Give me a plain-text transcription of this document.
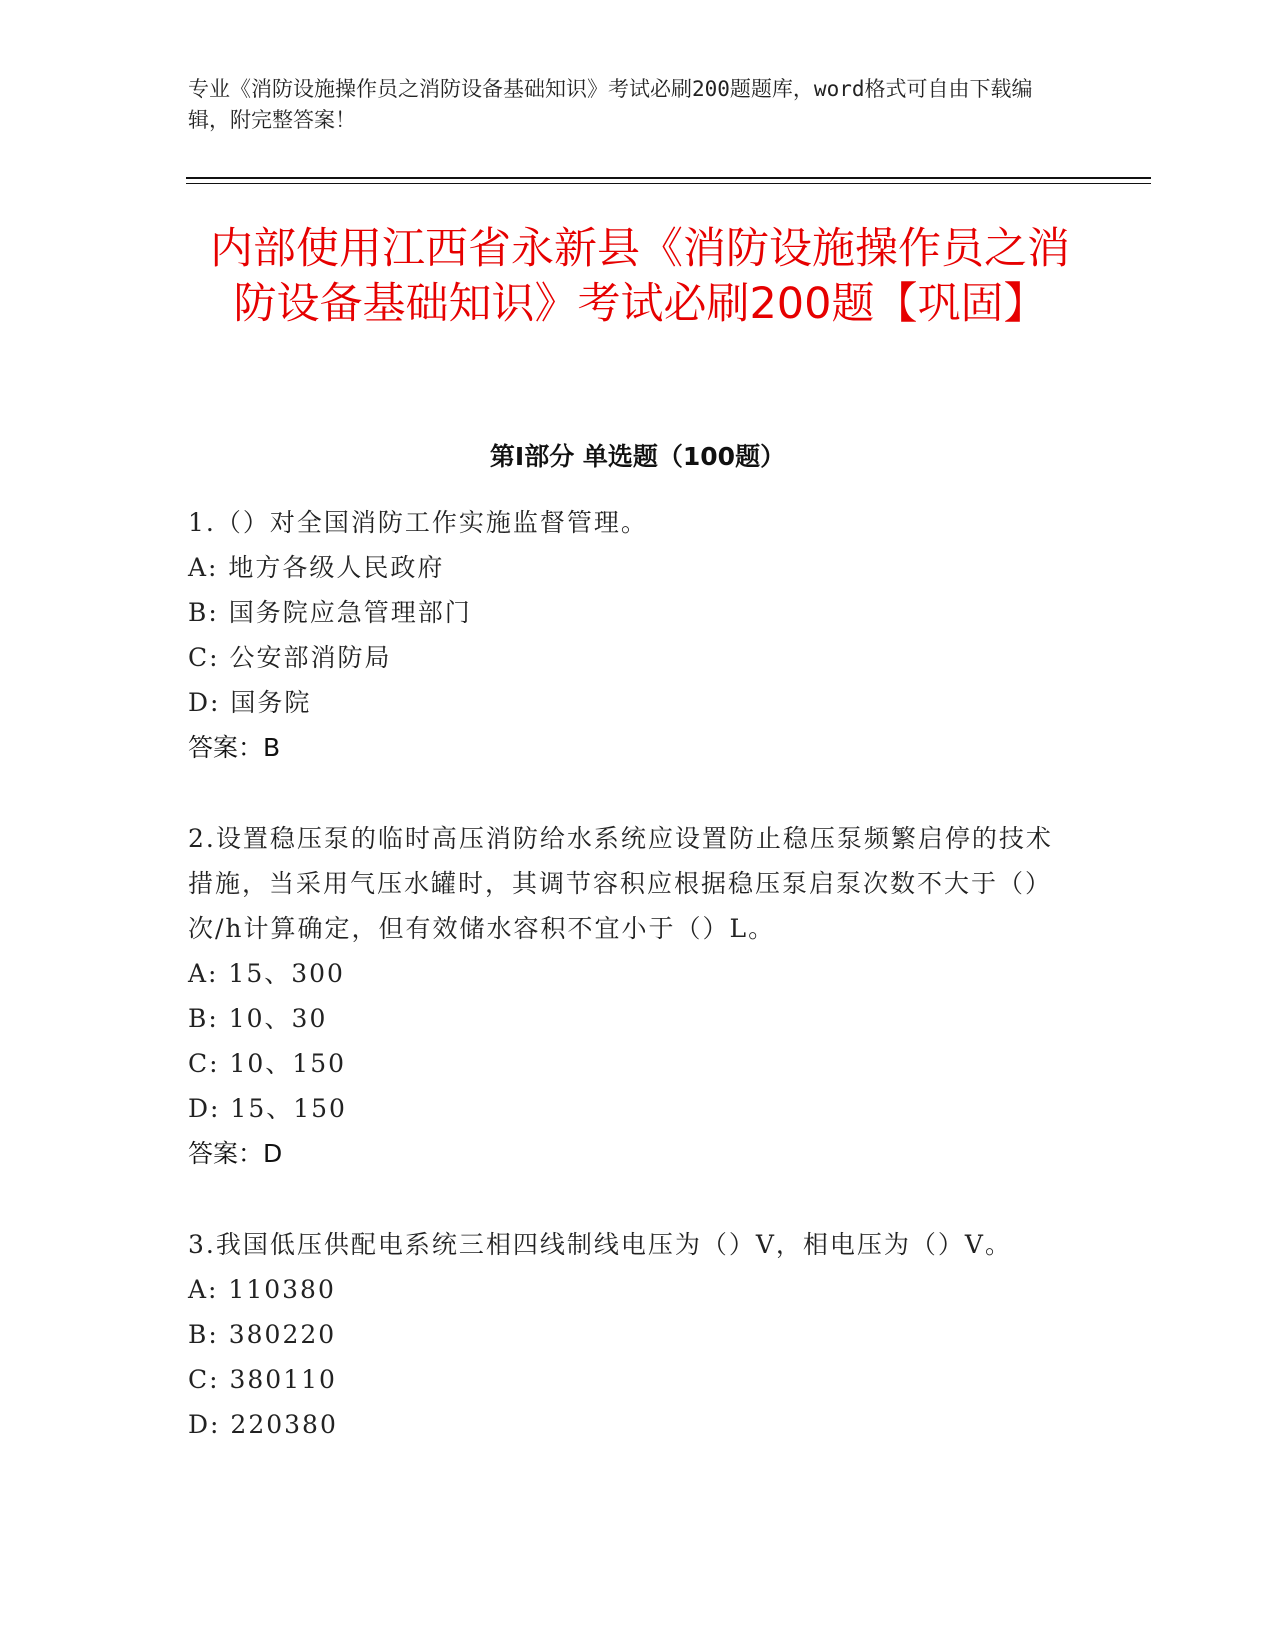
专业《消防设施操作员之消防设备基础知识》考试必刷200题题库，word格式可自由下载编辑，附完整答案！
内部使用江西省永新县《消防设施操作员之消防设备基础知识》考试必刷200题【巩固】
第I部分 单选题（100题）

1.（）对全国消防工作实施监督管理。

A: 地方各级人民政府
B: 国务院应急管理部门
C: 公安部消防局
D: 国务院
答案：B

2.设置稳压泵的临时高压消防给水系统应设置防止稳压泵频繁启停的技术措施，当采用气压水罐时，其调节容积应根据稳压泵启泵次数不大于（）次/h计算确定，但有效储水容积不宜小于（）L。

A: 15、300
B: 10、30
C: 10、150
D: 15、150
答案：D

3.我国低压供配电系统三相四线制线电压为（）V，相电压为（）V。

A: 110380
B: 380220
C: 380110
D: 220380
